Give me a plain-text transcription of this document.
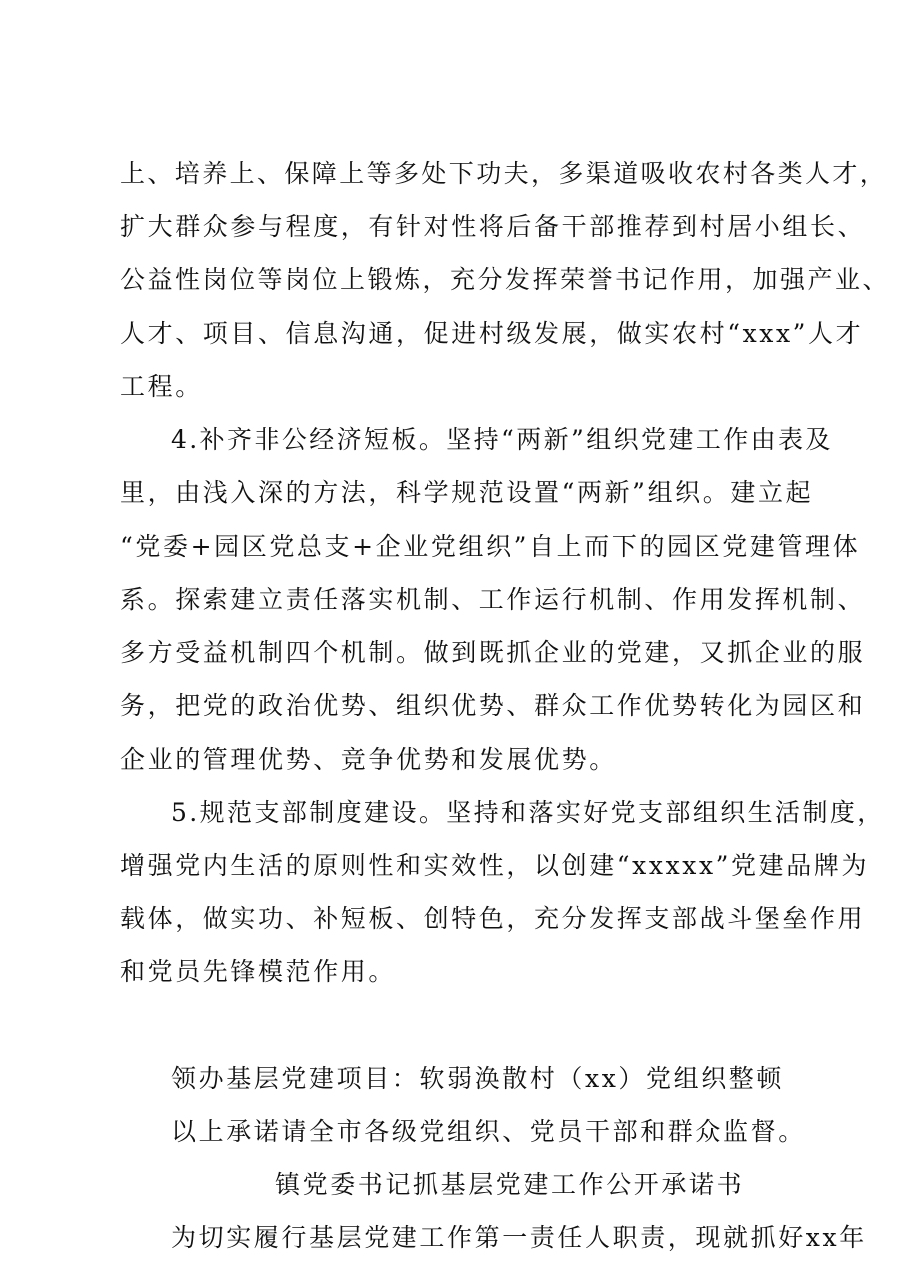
上、培养上、保障上等多处下功夫，多渠道吸收农村各类人才，
扩大群众参与程度，有针对性将后备干部推荐到村居小组长、
公益性岗位等岗位上锻炼，充分发挥荣誉书记作用，加强产业、
人才、项目、信息沟通，促进村级发展，做实农村“xxx”人才
工程。
4.补齐非公经济短板。坚持“两新”组织党建工作由表及
里，由浅入深的方法，科学规范设置“两新”组织。建立起
“党委+园区党总支+企业党组织”自上而下的园区党建管理体
系。探索建立责任落实机制、工作运行机制、作用发挥机制、
多方受益机制四个机制。做到既抓企业的党建，又抓企业的服
务，把党的政治优势、组织优势、群众工作优势转化为园区和
企业的管理优势、竞争优势和发展优势。
5.规范支部制度建设。坚持和落实好党支部组织生活制度，
增强党内生活的原则性和实效性，以创建“xxxxx”党建品牌为
载体，做实功、补短板、创特色，充分发挥支部战斗堡垒作用
和党员先锋模范作用。
领办基层党建项目：软弱涣散村（xx）党组织整顿
以上承诺请全市各级党组织、党员干部和群众监督。
镇党委书记抓基层党建工作公开承诺书
为切实履行基层党建工作第一责任人职责，现就抓好xx年
